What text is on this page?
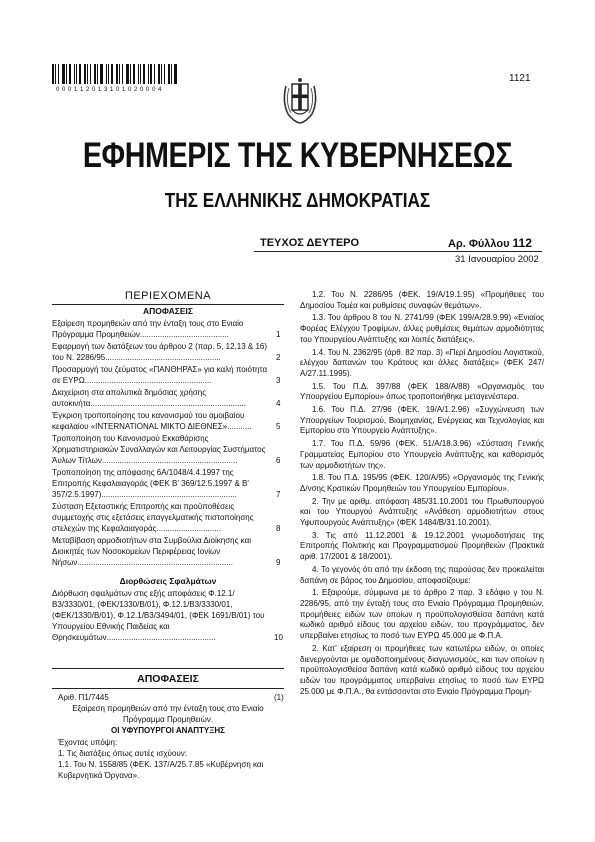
0 0 0 1 1 2 0 1 3 1 0 1 0 2 0 0 0 4
1121
ΕΦΗΜΕΡΙΣ ΤΗΣ ΚΥΒΕΡΝΗΣΕΩΣ
ΤΗΣ ΕΛΛΗΝΙΚΗΣ ΔΗΜΟΚΡΑΤΙΑΣ
ΤΕΥΧΟΣ ΔΕΥΤΕΡΟ	Αρ. Φύλλου 112
31 Ιανουαρίου 2002
ΠΕΡΙΕΧΟΜΕΝΑ
ΑΠΟΦΑΣΕΙΣ
Εξαίρεση προμηθειών από την ένταξη τους στο Ενιαίο Πρόγραμμα Προμηθειών........................................	1
Εφαρμογή των διατάξεων του άρθρου 2 (παρ. 5, 12,13 & 16) του Ν. 2286/95....................................................	2
Προσαρμογή του ζεύματος «ΠΑΝΘΗΡΑΣ» για καλή ποιότητα σε ΕΥΡΩ.........................................................	3
Διαχείριση στα απολυτικά δημόσιας χρήσης αυτοκινήτα......................................................................	4
Έγκριση τροποποίησης του κανονισμού του αμοιβαίου κεφαλαίου «INTERNATIONAL ΜΙΚΤΟ ΔΙΕΘΝΕΣ»...........	5
Τροποποίηση του Κανονισμού Εκκαθάρισης Χρηματιστηριακών Συναλλαγών και Λειτουργίας Συστήματος Άυλων Τίτλων.............................................................	6
Τροποποίηση της απόφασης 6Α/1048/4.4.1997 της Επιτροπής Κεφαλαιαγοράς (ΦΕΚ Β' 369/12.5.1997 & Β' 357/2.5.1997).............................................................	7
Σύσταση Εξεταστικής Επιτροπής και προϋποθέσεις συμμετοχής στις εξετάσεις επαγγελματικής πιστοποίησης στελεχών της Κεφαλαιαγοράς.............................	8
Μεταβίβαση αρμοδιοτήτων στα Συμβούλια Διοίκησης και Διοικητές των Νοσοκομείων Περιφέρειας Ιονίων Νήσων......................................................................	9
Διορθώσεις Σφαλμάτων
Διόρθωση σφαλμάτων στις εξής αποφάσεις Φ.12.1/Β3/3330/01, (ΦΕΚ/1330/Β/01), Φ.12.1/Β3/3330/01, (ΦΕΚ/1330/Β/01), Φ.12.1/Β3/3494/01, (ΦΕΚ 1691/Β/01) του Υπουργείου Εθνικής Παιδείας και Θρησκευμάτων.................................................	10
ΑΠΟΦΑΣΕΙΣ
Αριθ. Π1/7445	(1)
Εξαίρεση προμηθειών από την ένταξη τους στο Ενιαίο Πρόγραμμα Προμηθειών.
ΟΙ ΥΦΥΠΟΥΡΓΟΙ ΑΝΑΠΤΥΞΗΣ
Έχοντας υπόψη:
1. Τις διατάξεις όπως αυτές ισχύουν:
1.1. Του Ν. 1558/85 (ΦΕΚ. 137/Α/25.7.85 «Κυβέρνηση και Κυβερνητικά Όργανα».

1.2. Του Ν. 2286/95 (ΦΕΚ. 19/Α/19.1.95) «Προμήθειες του Δημοσίου Τομέα και ρυθμίσεις συναφών θεμάτων».

1.3. Του άρθρου 8 του Ν. 2741/99 (ΦΕΚ 199/Α/28.9.99) «Ενιαίος Φορέας Ελέγχου Τροφίμων, άλλες ρυθμίσεις θεμάτων αρμοδιότητας του Υπουργείου Ανάπτυξης και λοιπές διατάξεις».

1.4. Του Ν. 2362/95 (άρθ. 82 παρ. 3) «Περί Δημοσίου Λογιστικού, ελέγχου δαπανών του Κράτους και άλλες διατάξεις» (ΦΕΚ 247/Α/27.11.1995).

1.5. Του Π.Δ. 397/88 (ΦΕΚ 188/Α/88) «Οργανισμός του Υπουργείου Εμπορίου» όπως τροποποιήθηκε μεταγενέστερα.

1.6. Του Π.Δ. 27/96 (ΦΕΚ. 19/Α/1.2.96) «Συγχώνευση των Υπουργείων Τουρισμού, Βιομηχανίας, Ενέργειας και Τεχνολογίας και Εμπορίου στο Υπουργείο Ανάπτυξης».

1.7. Του Π.Δ. 59/96 (ΦΕΚ. 51/Α/18.3.96) «Σύσταση Γενικής Γραμματείας Εμπορίου στο Υπουργείο Ανάπτυξης και καθορισμός των αρμοδιοτήτων της».

1.8. Του Π.Δ. 195/95 (ΦΕΚ. 120/Α/95) «Οργανισμός της Γενικής Δ/νσης Κρατικών Προμηθειών του Υπουργείου Εμπορίου».

2. Την με αριθμ. απόφαση 485/31.10.2001 του Πρωθυπουργού και του Υπουργού Ανάπτυξης «Ανάθεση αρμοδιοτήτων στους Υφυπουργούς Ανάπτυξης» (ΦΕΚ 1484/Β/31.10.2001).

3. Τις από 11.12.2001 & 19.12.2001 γνωμοδοτήσεις της Επιτροπής Πολιτικής και Προγραμματισμού Προμηθειών (Πρακτικά αριθ. 17/2001 & 18/2001).

4. Το γεγονός ότι από την έκδοση της παρούσας δεν προκαλείται δαπάνη σε βάρος του Δημοσίου, αποφασίζουμε:

1. Εξαιρούμε, σύμφωνα με το άρθρο 2 παρ. 3 εδάφιο γ του Ν. 2286/95, από την ένταξή τους στο Ενιαίο Πρόγραμμα Προμηθειών, προμήθειες ειδών των οποίων η προϋπολογισθείσα δαπάνη κατά κωδικό αριθμό είδους του αρχείου ειδών, του προγράμματος, δεν υπερβαίνει ετησίως το ποσό των ΕΥΡΩ 45.000 με Φ.Π.Α.

2. Κατ' εξαίρεση οι προμήθειες των κατωτέρω ειδών, οι οποίες διενεργούνται με ομαδοποιημένους διαγωνισμούς, και των οποίων η προϋπολογισθείσα δαπάνη κατά κωδικό αριθμό είδους του αρχείου ειδών του προγράμματος υπερβαίνει ετησίως το ποσό των ΕΥΡΩ 25.000 με Φ.Π.Α., θα εντάσσονται στο Ενιαίο Πρόγραμμα Προμη-
